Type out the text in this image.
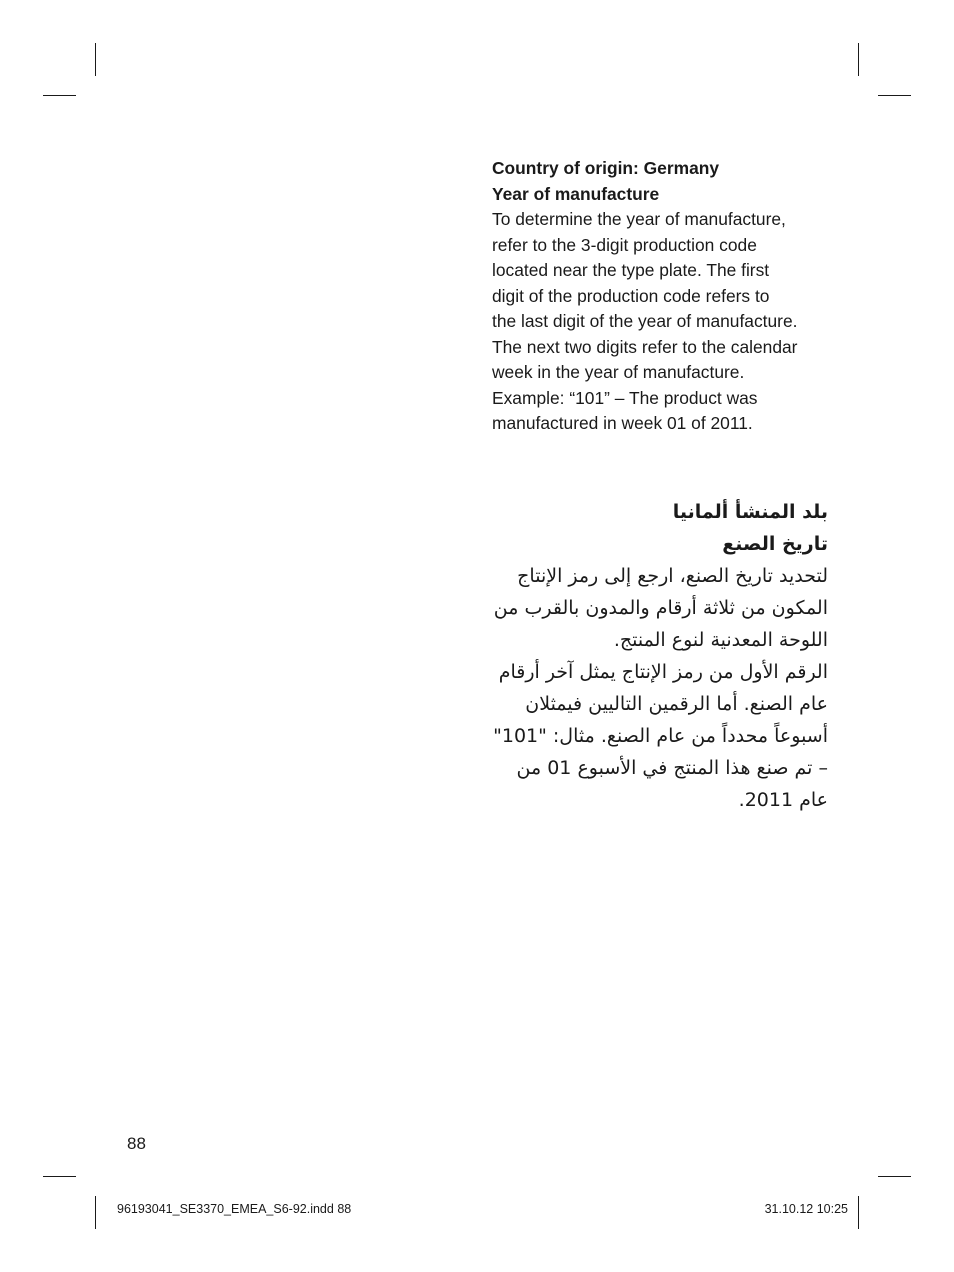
Country of origin: Germany
Year of manufacture
To determine the year of manufacture,
refer to the 3-digit production code
located near the type plate. The first
digit of the production code refers to
the last digit of the year of manufacture.
The next two digits refer to the calendar
week in the year of manufacture.
Example: “101” – The product was
manufactured in week 01 of 2011.
بلد المنشأ ألمانيا
تاريخ الصنع
لتحديد تاريخ الصنع، ارجع إلى رمز الإنتاج
المكون من ثلاثة أرقام والمدون بالقرب من
اللوحة المعدنية لنوع المنتج.
الرقم الأول من رمز الإنتاج يمثل آخر أرقام
عام الصنع. أما الرقمين التاليين فيمثلان
أسبوعاً محدداً من عام الصنع. مثال: "101"
– تم صنع هذا المنتج في الأسبوع 01 من
عام 2011.
88
96193041_SE3370_EMEA_S6-92.indd 88	31.10.12 10:25
